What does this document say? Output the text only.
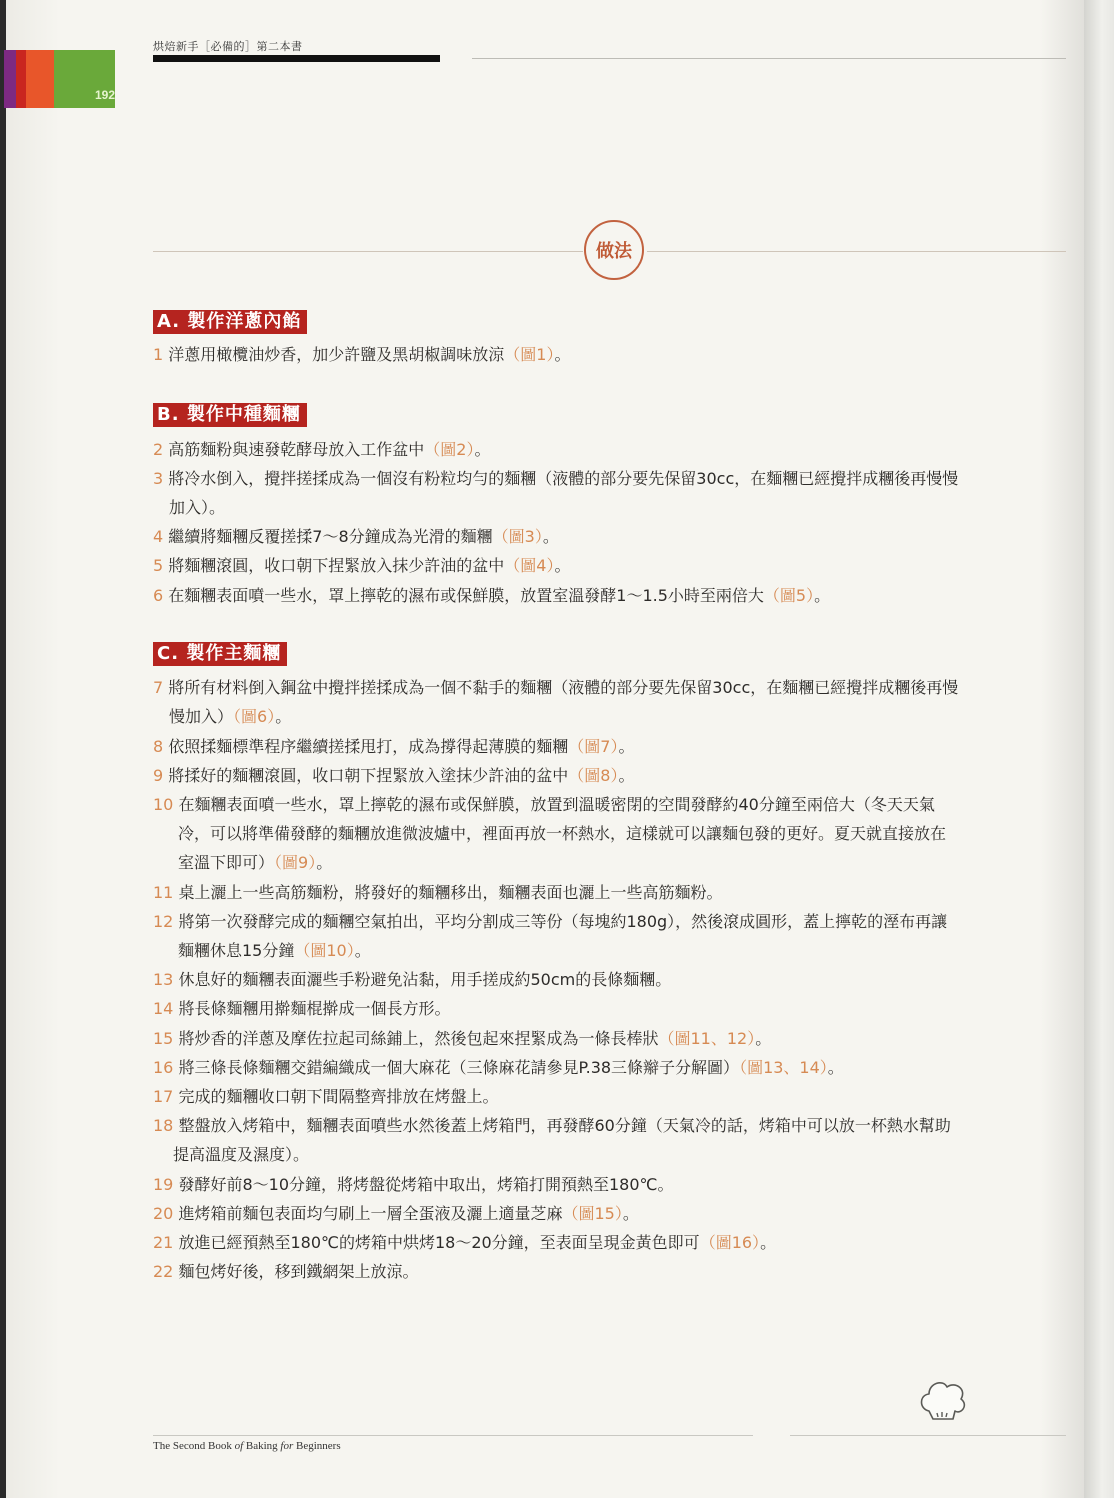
192
烘焙新手［必備的］第二本書
做法
A. 製作洋蔥內餡
1 洋蔥用橄欖油炒香，加少許鹽及黑胡椒調味放涼（圖1）。
B. 製作中種麵糰
2 高筋麵粉與速發乾酵母放入工作盆中（圖2）。
3 將冷水倒入，攪拌搓揉成為一個沒有粉粒均勻的麵糰（液體的部分要先保留30cc，在麵糰已經攪拌成糰後再慢慢
加入）。
4 繼續將麵糰反覆搓揉7～8分鐘成為光滑的麵糰（圖3）。
5 將麵糰滾圓，收口朝下捏緊放入抹少許油的盆中（圖4）。
6 在麵糰表面噴一些水，罩上擰乾的濕布或保鮮膜，放置室溫發酵1～1.5小時至兩倍大（圖5）。
C. 製作主麵糰
7 將所有材料倒入鋼盆中攪拌搓揉成為一個不黏手的麵糰（液體的部分要先保留30cc，在麵糰已經攪拌成糰後再慢
慢加入）（圖6）。
8 依照揉麵標準程序繼續搓揉甩打，成為撐得起薄膜的麵糰（圖7）。
9 將揉好的麵糰滾圓，收口朝下捏緊放入塗抹少許油的盆中（圖8）。
10 在麵糰表面噴一些水，罩上擰乾的濕布或保鮮膜，放置到溫暖密閉的空間發酵約40分鐘至兩倍大（冬天天氣
冷，可以將準備發酵的麵糰放進微波爐中，裡面再放一杯熱水，這樣就可以讓麵包發的更好。夏天就直接放在
室溫下即可）（圖9）。
11 桌上灑上一些高筋麵粉，將發好的麵糰移出，麵糰表面也灑上一些高筋麵粉。
12 將第一次發酵完成的麵糰空氣拍出，平均分割成三等份（每塊約180g），然後滾成圓形，蓋上擰乾的溼布再讓
麵糰休息15分鐘（圖10）。
13 休息好的麵糰表面灑些手粉避免沾黏，用手搓成約50cm的長條麵糰。
14 將長條麵糰用擀麵棍擀成一個長方形。
15 將炒香的洋蔥及摩佐拉起司絲鋪上，然後包起來捏緊成為一條長棒狀（圖11、12）。
16 將三條長條麵糰交錯編織成一個大麻花（三條麻花請參見P.38三條辮子分解圖）（圖13、14）。
17 完成的麵糰收口朝下間隔整齊排放在烤盤上。
18 整盤放入烤箱中，麵糰表面噴些水然後蓋上烤箱門，再發酵60分鐘（天氣冷的話，烤箱中可以放一杯熱水幫助
提高溫度及濕度）。
19 發酵好前8～10分鐘，將烤盤從烤箱中取出，烤箱打開預熱至180℃。
20 進烤箱前麵包表面均勻刷上一層全蛋液及灑上適量芝麻（圖15）。
21 放進已經預熱至180℃的烤箱中烘烤18～20分鐘，至表面呈現金黃色即可（圖16）。
22 麵包烤好後，移到鐵網架上放涼。
The Second Book of Baking for Beginners
